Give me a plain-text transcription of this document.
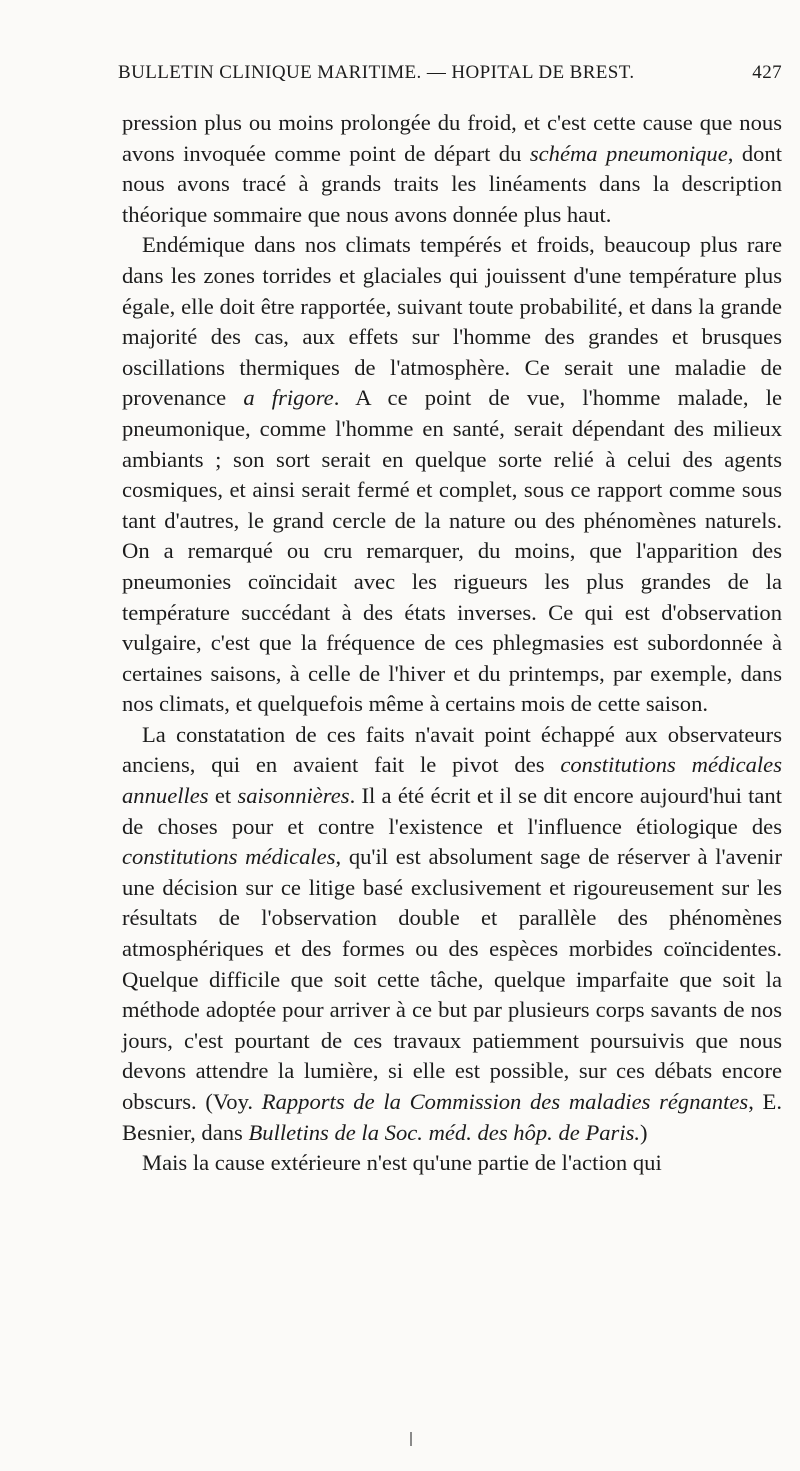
BULLETIN CLINIQUE MARITIME. — HOPITAL DE BREST.	427

pression plus ou moins prolongée du froid, et c'est cette cause que nous avons invoquée comme point de départ du schéma pneumonique, dont nous avons tracé à grands traits les linéaments dans la description théorique sommaire que nous avons donnée plus haut.

Endémique dans nos climats tempérés et froids, beaucoup plus rare dans les zones torrides et glaciales qui jouissent d'une température plus égale, elle doit être rapportée, suivant toute probabilité, et dans la grande majorité des cas, aux effets sur l'homme des grandes et brusques oscillations thermiques de l'atmosphère. Ce serait une maladie de provenance a frigore. A ce point de vue, l'homme malade, le pneumonique, comme l'homme en santé, serait dépendant des milieux ambiants ; son sort serait en quelque sorte relié à celui des agents cosmiques, et ainsi serait fermé et complet, sous ce rapport comme sous tant d'autres, le grand cercle de la nature ou des phénomènes naturels. On a remarqué ou cru remarquer, du moins, que l'apparition des pneumonies coïncidait avec les rigueurs les plus grandes de la température succédant à des états inverses. Ce qui est d'observation vulgaire, c'est que la fréquence de ces phlegmasies est subordonnée à certaines saisons, à celle de l'hiver et du printemps, par exemple, dans nos climats, et quelquefois même à certains mois de cette saison.

La constatation de ces faits n'avait point échappé aux observateurs anciens, qui en avaient fait le pivot des constitutions médicales annuelles et saisonnières. Il a été écrit et il se dit encore aujourd'hui tant de choses pour et contre l'existence et l'influence étiologique des constitutions médicales, qu'il est absolument sage de réserver à l'avenir une décision sur ce litige basé exclusivement et rigoureusement sur les résultats de l'observation double et parallèle des phénomènes atmosphériques et des formes ou des espèces morbides coïncidentes. Quelque difficile que soit cette tâche, quelque imparfaite que soit la méthode adoptée pour arriver à ce but par plusieurs corps savants de nos jours, c'est pourtant de ces travaux patiemment poursuivis que nous devons attendre la lumière, si elle est possible, sur ces débats encore obscurs. (Voy. Rapports de la Commission des maladies régnantes, E. Besnier, dans Bulletins de la Soc. méd. des hôp. de Paris.)

Mais la cause extérieure n'est qu'une partie de l'action qui
